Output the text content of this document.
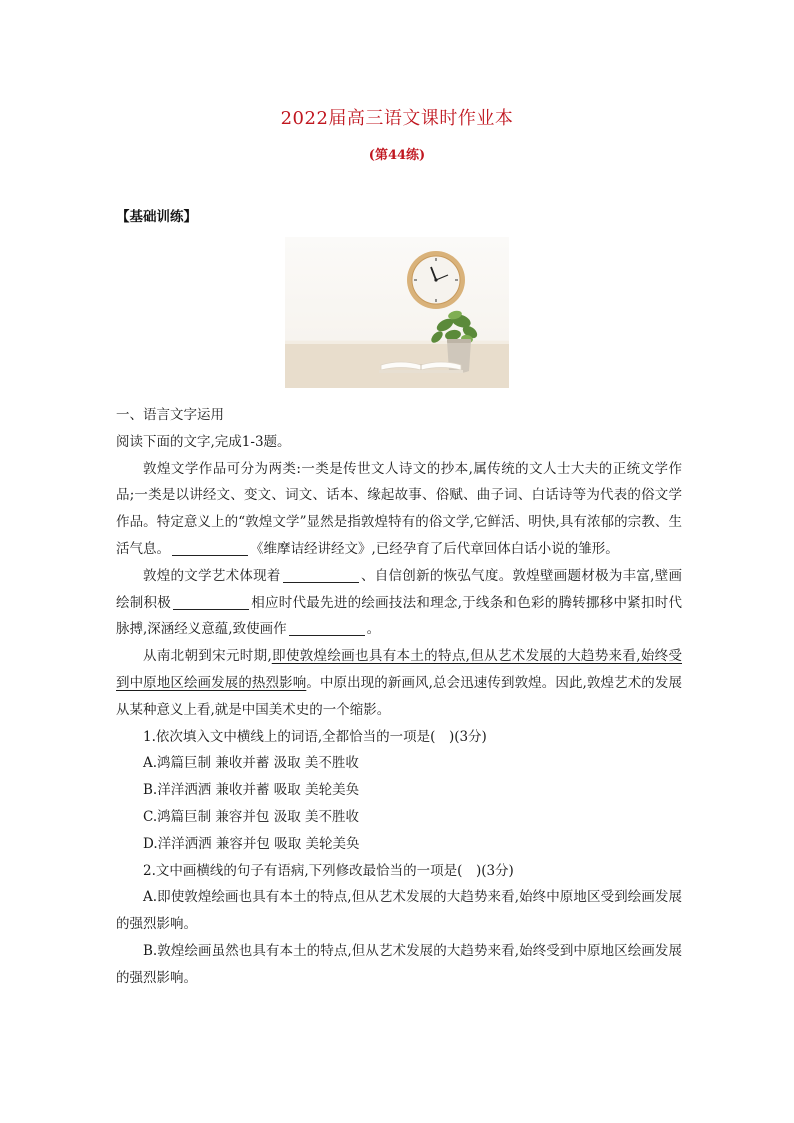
2022届高三语文课时作业本
(第44练)
【基础训练】

一、语言文字运用

阅读下面的文字,完成1-3题。

敦煌文学作品可分为两类:一类是传世文人诗文的抄本,属传统的文人士大夫的正统文学作品;一类是以讲经文、变文、词文、话本、缘起故事、俗赋、曲子词、白话诗等为代表的俗文学作品。特定意义上的“敦煌文学”显然是指敦煌特有的俗文学,它鲜活、明快,具有浓郁的宗教、生活气息。	《维摩诘经讲经文》,已经孕育了后代章回体白话小说的雏形。

敦煌的文学艺术体现着	、自信创新的恢弘气度。敦煌壁画题材极为丰富,壁画绘制积极	相应时代最先进的绘画技法和理念,于线条和色彩的腾转挪移中紧扣时代脉搏,深涵经义意蕴,致使画作	。

从南北朝到宋元时期,即使敦煌绘画也具有本土的特点,但从艺术发展的大趋势来看,始终受到中原地区绘画发展的热烈影响。中原出现的新画风,总会迅速传到敦煌。因此,敦煌艺术的发展从某种意义上看,就是中国美术史的一个缩影。

1.依次填入文中横线上的词语,全都恰当的一项是(　)(3分)

A.鸿篇巨制 兼收并蓄 汲取 美不胜收

B.洋洋洒洒 兼收并蓄 吸取 美轮美奂

C.鸿篇巨制 兼容并包 汲取 美不胜收

D.洋洋洒洒 兼容并包 吸取 美轮美奂

2.文中画横线的句子有语病,下列修改最恰当的一项是(　)(3分)

A.即使敦煌绘画也具有本土的特点,但从艺术发展的大趋势来看,始终中原地区受到绘画发展的强烈影响。

B.敦煌绘画虽然也具有本土的特点,但从艺术发展的大趋势来看,始终受到中原地区绘画发展的强烈影响。
